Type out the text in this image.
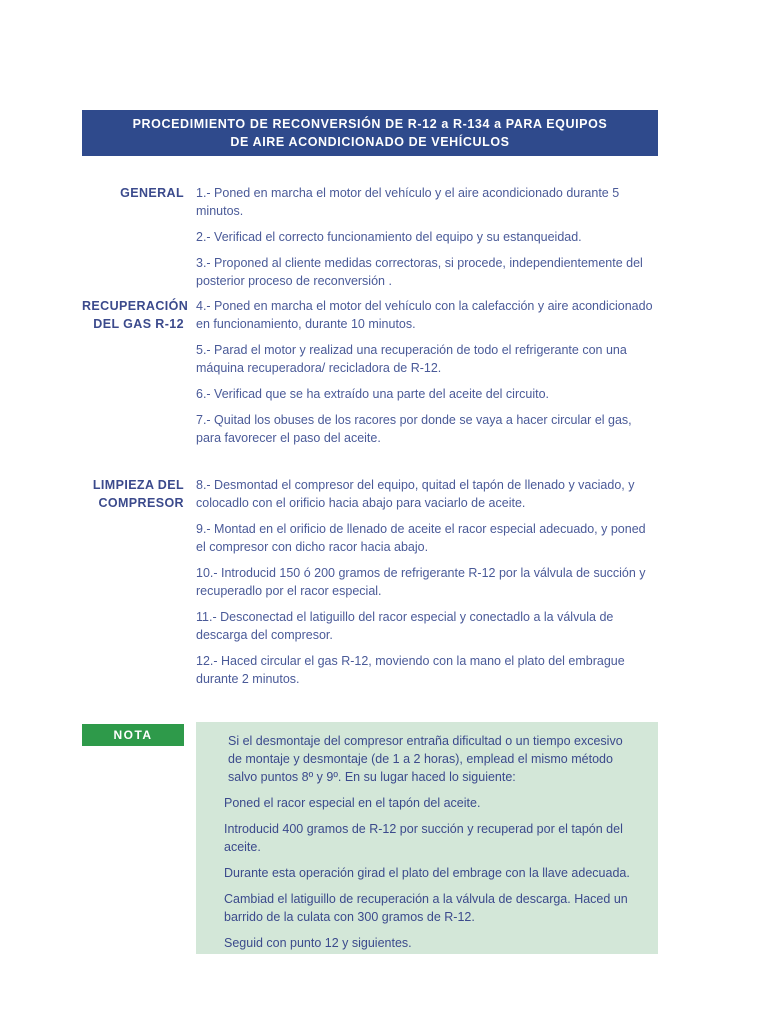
PROCEDIMIENTO DE RECONVERSIÓN DE R-12 a R-134 a PARA EQUIPOS
DE AIRE ACONDICIONADO DE VEHÍCULOS
GENERAL 1.- Poned en marcha el motor del vehículo y el aire acondicionado durante 5 minutos.

2.- Verificad el correcto funcionamiento del equipo y su estanqueidad.

3.- Proponed al cliente medidas correctoras, si procede, independientemente del posterior proceso de reconversión .

RECUPERACIÓN
DEL GAS R-12

4.- Poned en marcha el motor del vehículo con la calefacción y aire acondicionado en funcionamiento, durante 10 minutos.

5.- Parad el motor y realizad una recuperación de todo el refrigerante con una máquina recuperadora/ recicladora de R-12.

6.- Verificad que se ha extraído una parte del aceite del circuito.

7.- Quitad los obuses de los racores por donde se vaya a hacer circular el gas, para favorecer el paso del aceite.

LIMPIEZA DEL
COMPRESOR

8.- Desmontad el compresor del equipo, quitad el tapón de llenado y vaciado, y colocadlo con el orificio hacia abajo para vaciarlo de aceite.

9.- Montad en el orificio de llenado de aceite el racor especial adecuado, y poned el compresor con dicho racor hacia abajo.

10.- Introducid 150 ó 200 gramos de refrigerante R-12 por la válvula de succión y recuperadlo por el racor especial.

11.- Desconectad el latiguillo del racor especial y conectadlo a la válvula de descarga del compresor.

12.- Haced circular el gas R-12, moviendo con la mano el plato del embrague durante 2 minutos.

NOTA	Si el desmontaje del compresor entraña dificultad o un tiempo excesivo de montaje y desmontaje (de 1 a 2 horas), emplead el mismo método salvo puntos 8º y 9º. En su lugar haced lo siguiente:

Poned el racor especial en el tapón del aceite.

Introducid 400 gramos de R-12 por succión y recuperad por el tapón del aceite.

Durante esta operación girad el plato del embrage con la llave adecuada.

Cambiad el latiguillo de recuperación a la válvula de descarga. Haced un barrido de la culata con 300 gramos de R-12.

Seguid con punto 12 y siguientes.
